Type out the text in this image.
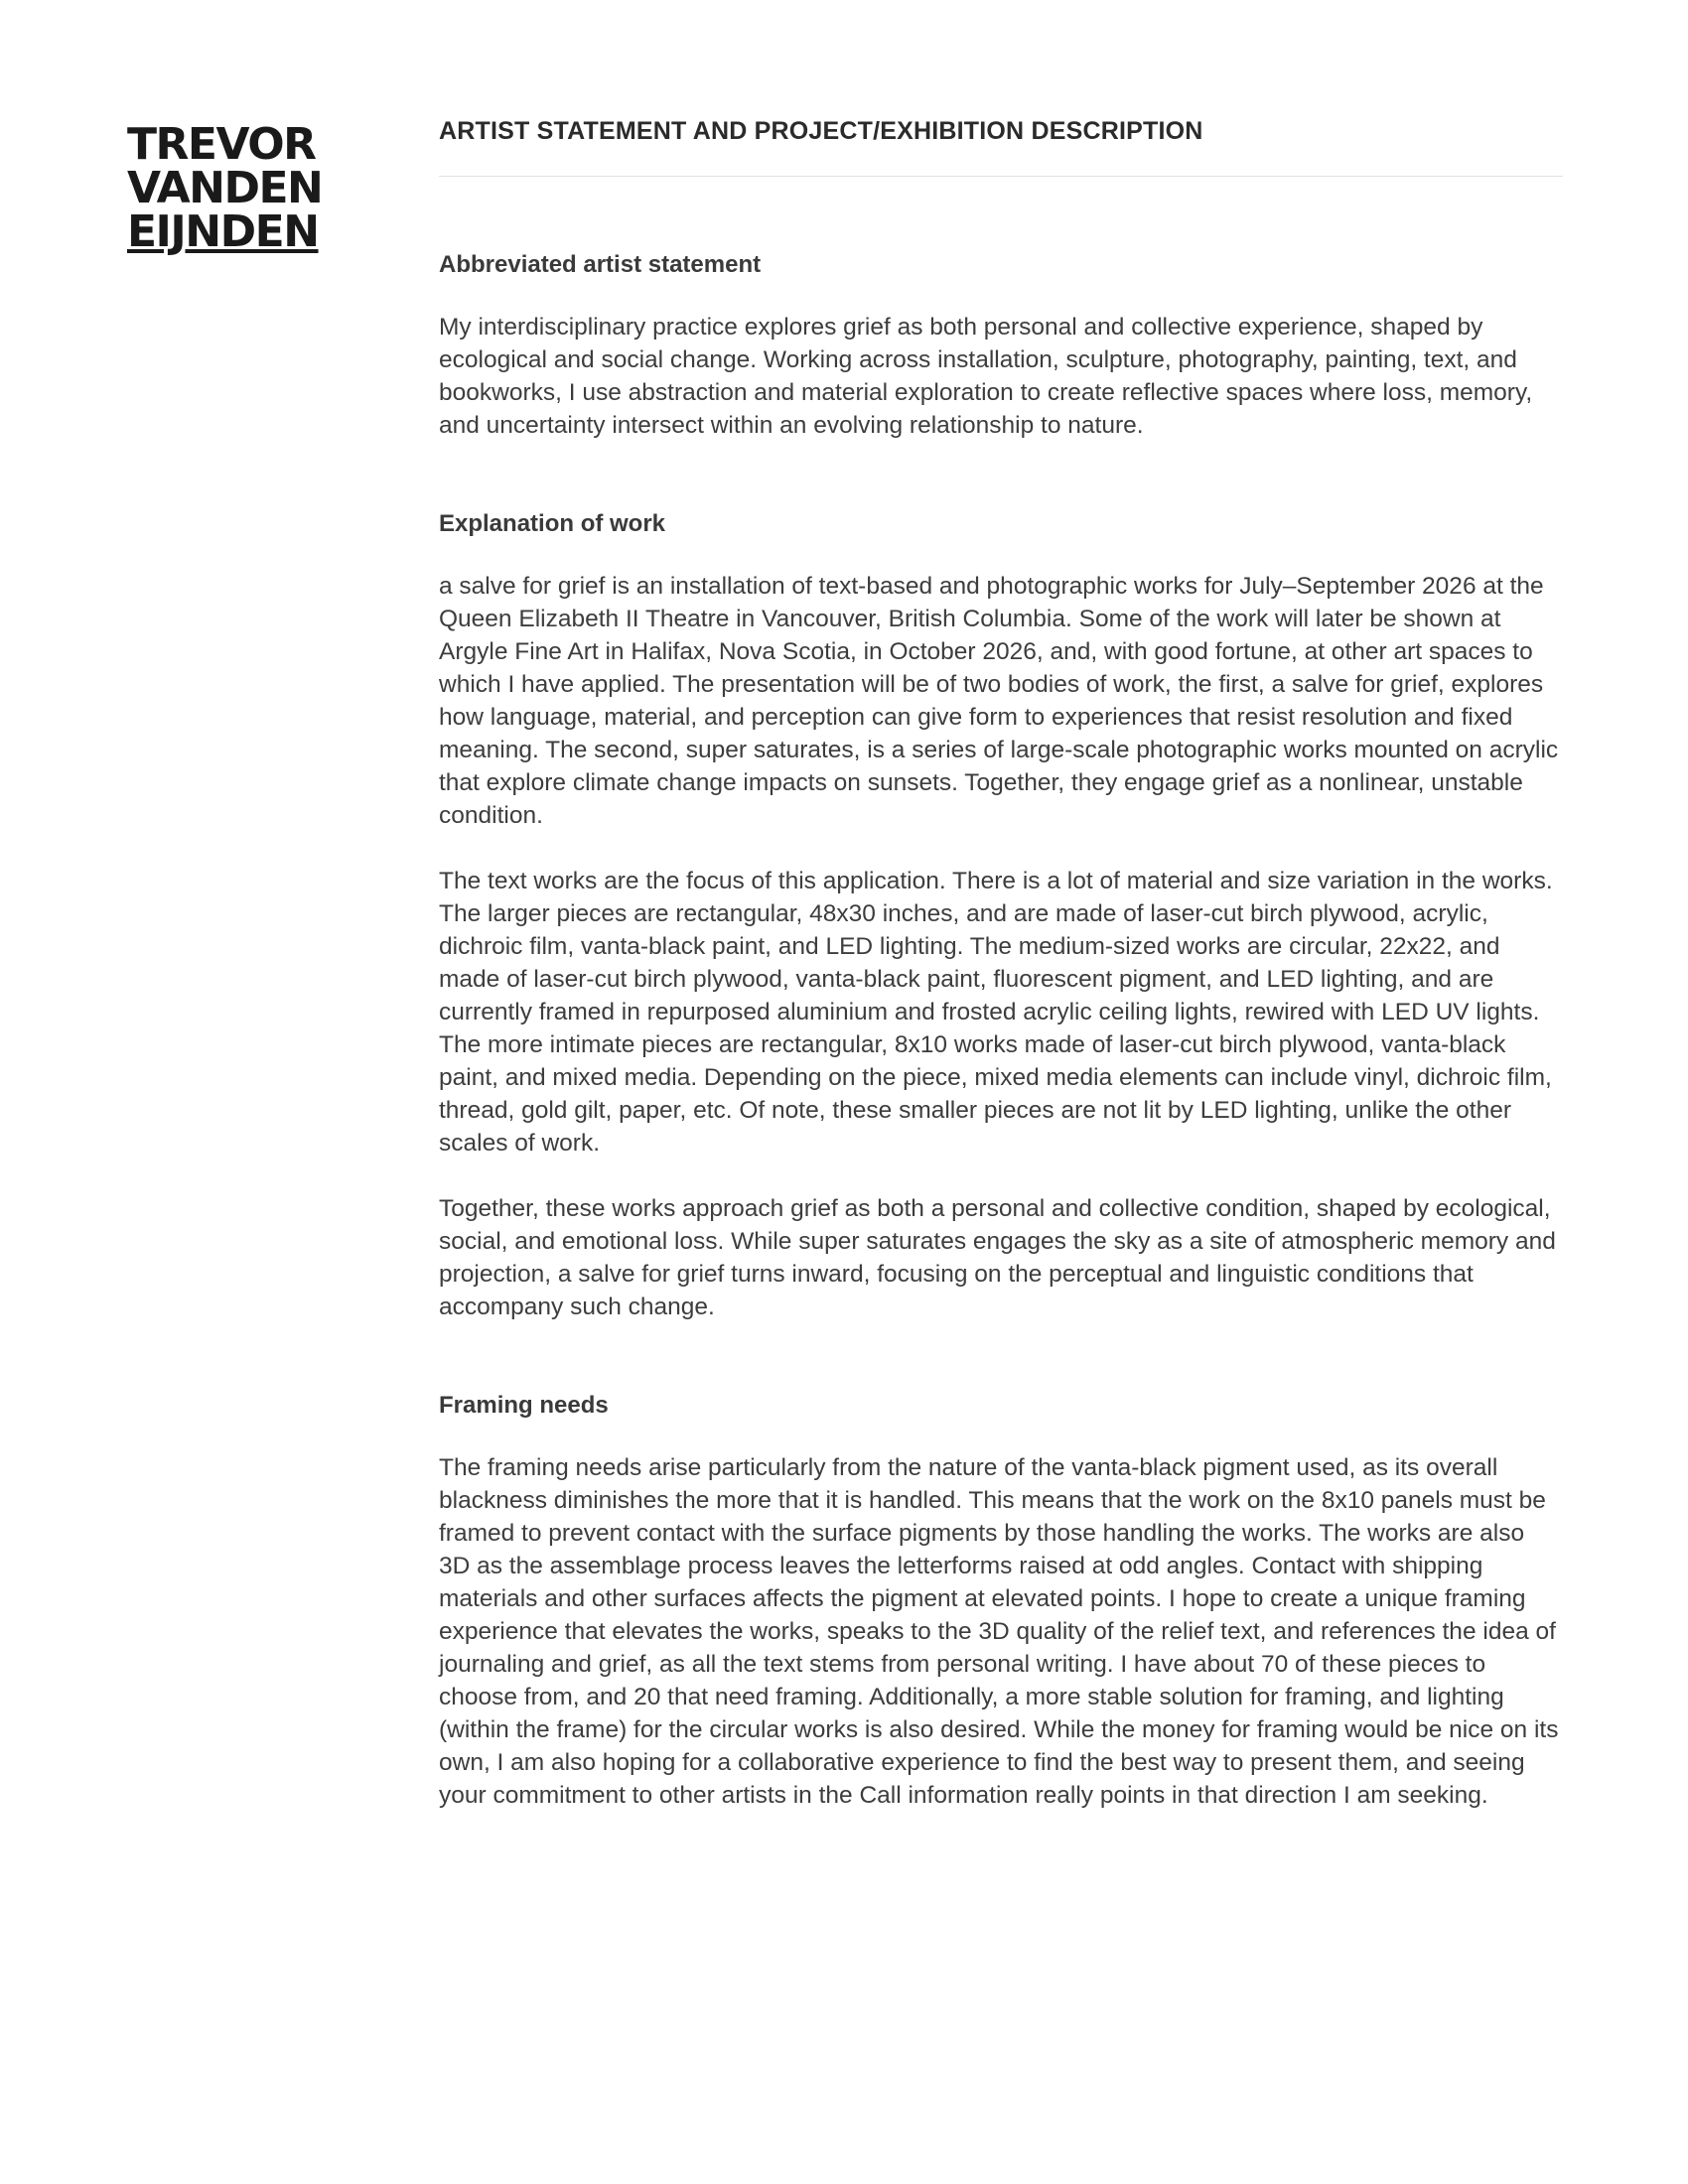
TREVOR
VANDEN
EIJNDEN
ARTIST STATEMENT AND PROJECT/EXHIBITION DESCRIPTION
Abbreviated artist statement

My interdisciplinary practice explores grief as both personal and collective experience, shaped by ecological and social change. Working across installation, sculpture, photography, painting, text, and bookworks, I use abstraction and material exploration to create reflective spaces where loss, memory, and uncertainty intersect within an evolving relationship to nature.

Explanation of work

a salve for grief is an installation of text-based and photographic works for July–September 2026 at the Queen Elizabeth II Theatre in Vancouver, British Columbia. Some of the work will later be shown at Argyle Fine Art in Halifax, Nova Scotia, in October 2026, and, with good fortune, at other art spaces to which I have applied. The presentation will be of two bodies of work, the first, a salve for grief, explores how language, material, and perception can give form to experiences that resist resolution and fixed meaning. The second, super saturates, is a series of large-scale photographic works mounted on acrylic that explore climate change impacts on sunsets. Together, they engage grief as a nonlinear, unstable condition.

The text works are the focus of this application. There is a lot of material and size variation in the works. The larger pieces are rectangular, 48x30 inches, and are made of laser-cut birch plywood, acrylic, dichroic film, vanta-black paint, and LED lighting. The medium-sized works are circular, 22x22, and made of laser-cut birch plywood, vanta-black paint, fluorescent pigment, and LED lighting, and are currently framed in repurposed aluminium and frosted acrylic ceiling lights, rewired with LED UV lights. The more intimate pieces are rectangular, 8x10 works made of laser-cut birch plywood, vanta-black paint, and mixed media. Depending on the piece, mixed media elements can include vinyl, dichroic film, thread, gold gilt, paper, etc. Of note, these smaller pieces are not lit by LED lighting, unlike the other scales of work.

Together, these works approach grief as both a personal and collective condition, shaped by ecological, social, and emotional loss. While super saturates engages the sky as a site of atmospheric memory and projection, a salve for grief turns inward, focusing on the perceptual and linguistic conditions that accompany such change.

Framing needs

The framing needs arise particularly from the nature of the vanta-black pigment used, as its overall blackness diminishes the more that it is handled. This means that the work on the 8x10 panels must be framed to prevent contact with the surface pigments by those handling the works. The works are also 3D as the assemblage process leaves the letterforms raised at odd angles. Contact with shipping materials and other surfaces affects the pigment at elevated points. I hope to create a unique framing experience that elevates the works, speaks to the 3D quality of the relief text, and references the idea of journaling and grief, as all the text stems from personal writing. I have about 70 of these pieces to choose from, and 20 that need framing. Additionally, a more stable solution for framing, and lighting (within the frame) for the circular works is also desired. While the money for framing would be nice on its own, I am also hoping for a collaborative experience to find the best way to present them, and seeing your commitment to other artists in the Call information really points in that direction I am seeking.
